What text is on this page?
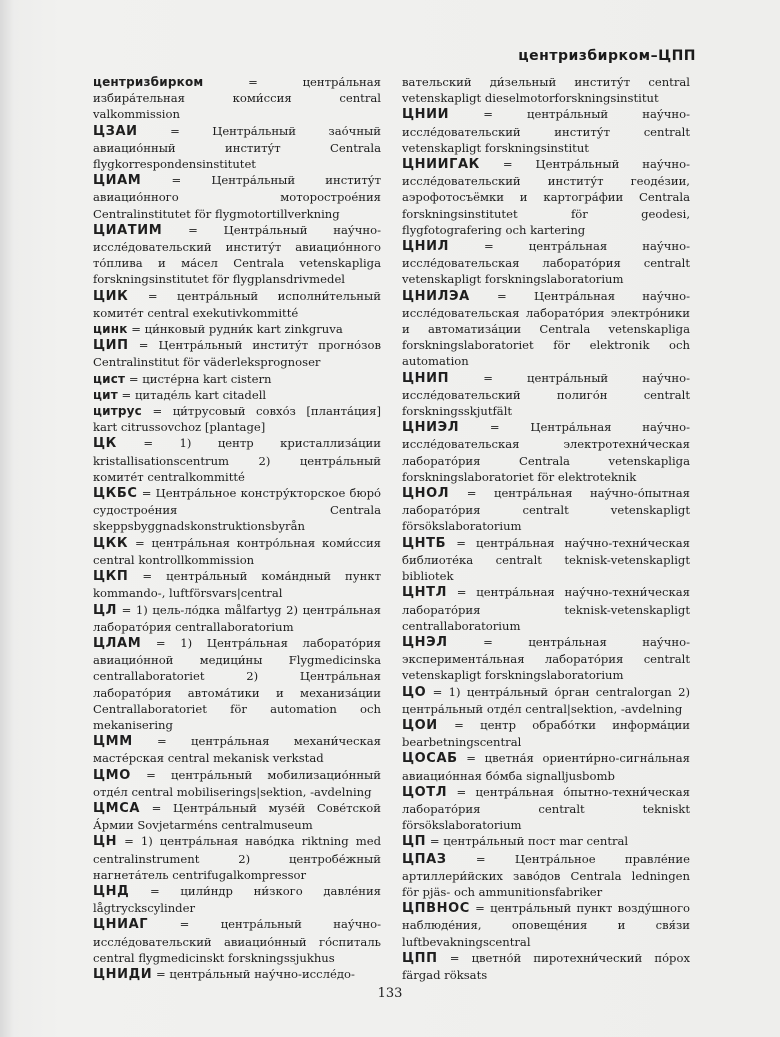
центризбирком–ЦПП
центризбирком = центра́льная избира́тельная коми́ссия central valkommission
ЦЗАИ = Центра́льный зао́чный авиацио́нный институ́т Centrala flygkorrespondensinstitutet
ЦИАМ = Центра́льный институ́т авиацио́нного моторострое́ния Centralinstitutet för flygmotortillverkning
ЦИАТИМ = Центра́льный нау́чно-иссле́довательский институ́т авиацио́нного то́плива и ма́сел Centrala vetenskapliga forskningsinstitutet för flygplansdrivmedel
ЦИК = центра́льный исполни́тельный комите́т central exekutivkommitté
цинк = ци́нковый рудни́к kart zinkgruva
ЦИП = Центра́льный институ́т прогно́зов Centralinstitut för väderleksprognoser
цист = цисте́рна kart cistern
цит = цитаде́ль kart citadell
цитрус = ци́трусовый совхо́з [планта́ция] kart citrussovchoz [plantage]
ЦК = 1) центр кристаллиза́ции kristallisationscentrum 2) центра́льный комите́т centralkommitté
ЦКБС = Центра́льное констру́кторское бюро́ судострое́ния Centrala skeppsbyggnadskonstruktionsbyrån
ЦКК = центра́льная контро́льная коми́ссия central kontrollkommission
ЦКП = центра́льный кома́ндный пункт kommando-, luftförsvars|central
ЦЛ = 1) цель-ло́дка målfartyg 2) центра́льная лаборато́рия centrallaboratorium
ЦЛАМ = 1) Центра́льная лаборато́рия авиацио́нной медици́ны Flygmedicinska centrallaboratoriet 2) Центра́льная лаборато́рия автома́тики и механиза́ции Centrallaboratoriet för automation och mekanisering
ЦММ = центра́льная механи́ческая масте́рская central mekanisk verkstad
ЦМО = центра́льный мобилизацио́нный отде́л central mobiliserings|sektion, -avdelning
ЦМСА = Центра́льный музе́й Сове́тской А́рмии Sovjetarméns centralmuseum
ЦН = 1) центра́льная наво́дка riktning med centralinstrument 2) центробе́жный нагнета́тель centrifugalkompressor
ЦНД = цили́ндр ни́зкого давле́ния lågtryckscylinder
ЦНИАГ = центра́льный нау́чно-иссле́довательский авиацио́нный го́спиталь central flygmedicinskt forskningssjukhus
ЦНИДИ = центра́льный нау́чно-иссле́до-
вательский ди́зельный институ́т central vetenskapligt dieselmotorforskningsinstitut
ЦНИИ = центра́льный нау́чно-иссле́довательский институ́т centralt vetenskapligt forskningsinstitut
ЦНИИГАК = Центра́льный нау́чно-иссле́довательский институ́т геоде́зии, аэрофотосъёмки и картогра́фии Centrala forskningsinstitutet för geodesi, flygfotografering och kartering
ЦНИЛ = центра́льная нау́чно-иссле́довательская лаборато́рия centralt vetenskapligt forskningslaboratorium
ЦНИЛЭА = Центра́льная нау́чно-иссле́довательская лаборато́рия электро́ники и автоматиза́ции Centrala vetenskapliga forskningslaboratoriet för elektronik och automation
ЦНИП = центра́льный нау́чно-иссле́довательский полиго́н centralt forskningsskjutfält
ЦНИЭЛ = Центра́льная нау́чно-иссле́довательская электротехни́ческая лаборато́рия Centrala vetenskapliga forskningslaboratoriet för elektroteknik
ЦНОЛ = центра́льная нау́чно-о́пытная лаборато́рия centralt vetenskapligt försökslaboratorium
ЦНТБ = центра́льная нау́чно-техни́ческая библиоте́ка centralt teknisk-vetenskapligt bibliotek
ЦНТЛ = центра́льная нау́чно-техни́ческая лаборато́рия teknisk-vetenskapligt centrallaboratorium
ЦНЭЛ = центра́льная нау́чно-эксперимента́льная лаборато́рия centralt vetenskapligt forskningslaboratorium
ЦО = 1) центра́льный о́рган centralorgan 2) центра́льный отде́л central|sektion, -avdelning
ЦОИ = центр обрабо́тки информа́ции bearbetningscentral
ЦОСАБ = цветна́я ориенти́рно-сигна́льная авиацио́нная бо́мба signalljusbomb
ЦОТЛ = центра́льная о́пытно-техни́ческая лаборато́рия centralt tekniskt försökslaboratorium
ЦП = центра́льный пост mar central
ЦПАЗ = Центра́льное правле́ние артиллери́йских заво́дов Centrala ledningen för pjäs- och ammunitionsfabriker
ЦПВНОС = центра́льный пункт возду́шного наблюде́ния, оповеще́ния и свя́зи luftbevakningscentral
ЦПП = цветно́й пиротехни́ческий по́рох färgad röksats
133
